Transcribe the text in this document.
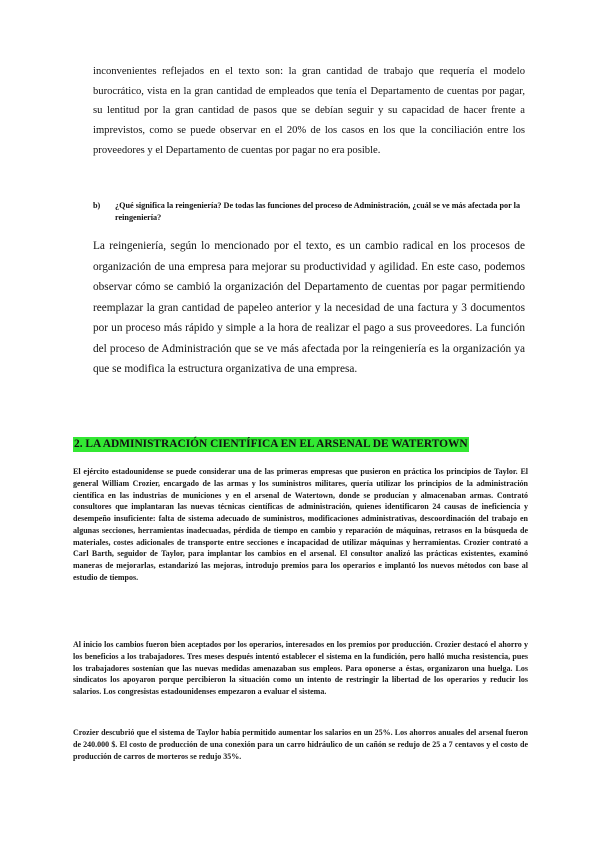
inconvenientes reflejados en el texto son: la gran cantidad de trabajo que requería el modelo burocrático, vista en la gran cantidad de empleados que tenía el Departamento de cuentas por pagar, su lentitud por la gran cantidad de pasos que se debían seguir y su capacidad de hacer frente a imprevistos, como se puede observar en el 20% de los casos en los que la conciliación entre los proveedores y el Departamento de cuentas por pagar no era posible.

b)	¿Qué significa la reingeniería? De todas las funciones del proceso de Administración, ¿cuál se ve más afectada por la reingeniería?

La reingeniería, según lo mencionado por el texto, es un cambio radical en los procesos de organización de una empresa para mejorar su productividad y agilidad. En este caso, podemos observar cómo se cambió la organización del Departamento de cuentas por pagar permitiendo reemplazar la gran cantidad de papeleo anterior y la necesidad de una factura y 3 documentos por un proceso más rápido y simple a la hora de realizar el pago a sus proveedores. La función del proceso de Administración que se ve más afectada por la reingeniería es la organización ya que se modifica la estructura organizativa de una empresa.

2. LA ADMINISTRACIÓN CIENTÍFICA EN EL ARSENAL DE WATERTOWN

El ejército estadounidense se puede considerar una de las primeras empresas que pusieron en práctica los principios de Taylor. El general William Crozier, encargado de las armas y los suministros militares, quería utilizar los principios de la administración científica en las industrias de municiones y en el arsenal de Watertown, donde se producían y almacenaban armas. Contrató consultores que implantaran las nuevas técnicas científicas de administración, quienes identificaron 24 causas de ineficiencia y desempeño insuficiente: falta de sistema adecuado de suministros, modificaciones administrativas, descoordinación del trabajo en algunas secciones, herramientas inadecuadas, pérdida de tiempo en cambio y reparación de máquinas, retrasos en la búsqueda de materiales, costes adicionales de transporte entre secciones e incapacidad de utilizar máquinas y herramientas. Crozier contrató a Carl Barth, seguidor de Taylor, para implantar los cambios en el arsenal. El consultor analizó las prácticas existentes, examinó maneras de mejorarlas, estandarizó las mejoras, introdujo premios para los operarios e implantó los nuevos métodos con base al estudio de tiempos.

Al inicio los cambios fueron bien aceptados por los operarios, interesados en los premios por producción. Crozier destacó el ahorro y los beneficios a los trabajadores. Tres meses después intentó establecer el sistema en la fundición, pero halló mucha resistencia, pues los trabajadores sostenían que las nuevas medidas amenazaban sus empleos. Para oponerse a éstas, organizaron una huelga. Los sindicatos los apoyaron porque percibieron la situación como un intento de restringir la libertad de los operarios y reducir los salarios. Los congresistas estadounidenses empezaron a evaluar el sistema.

Crozier descubrió que el sistema de Taylor había permitido aumentar los salarios en un 25%. Los ahorros anuales del arsenal fueron de 240.000 $. El costo de producción de una conexión para un carro hidráulico de un cañón se redujo de 25 a 7 centavos y el costo de producción de carros de morteros se redujo 35%.
